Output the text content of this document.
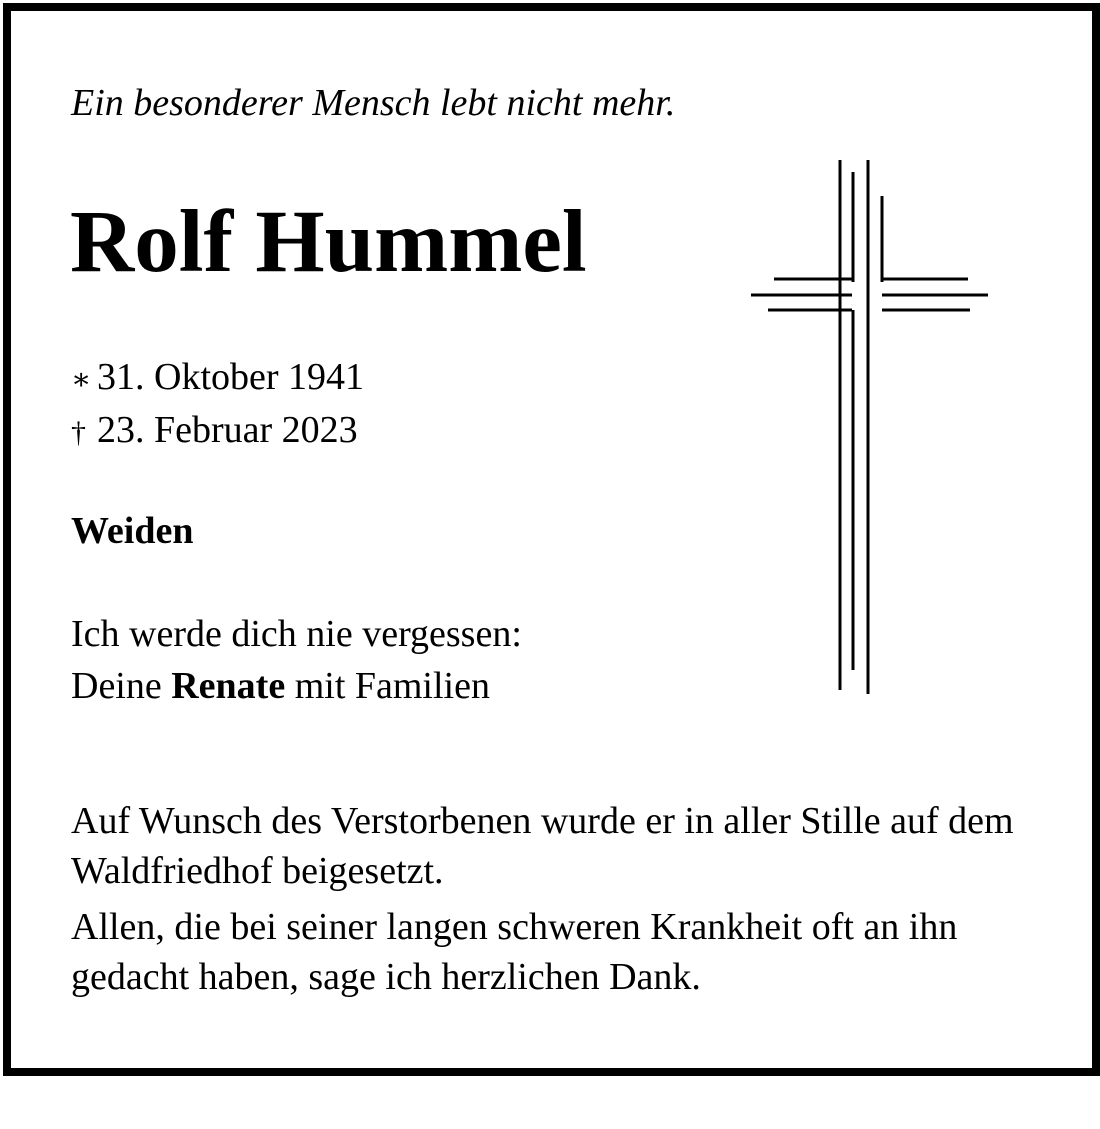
Ein besonderer Mensch lebt nicht mehr.
Rolf Hummel
∗ 31. Oktober 1941
† 23. Februar 2023
Weiden
Ich werde dich nie vergessen:
Deine Renate mit Familien

Auf Wunsch des Verstorbenen wurde er in aller Stille auf dem Waldfriedhof beigesetzt.

Allen, die bei seiner langen schweren Krankheit oft an ihn gedacht haben, sage ich herzlichen Dank.
